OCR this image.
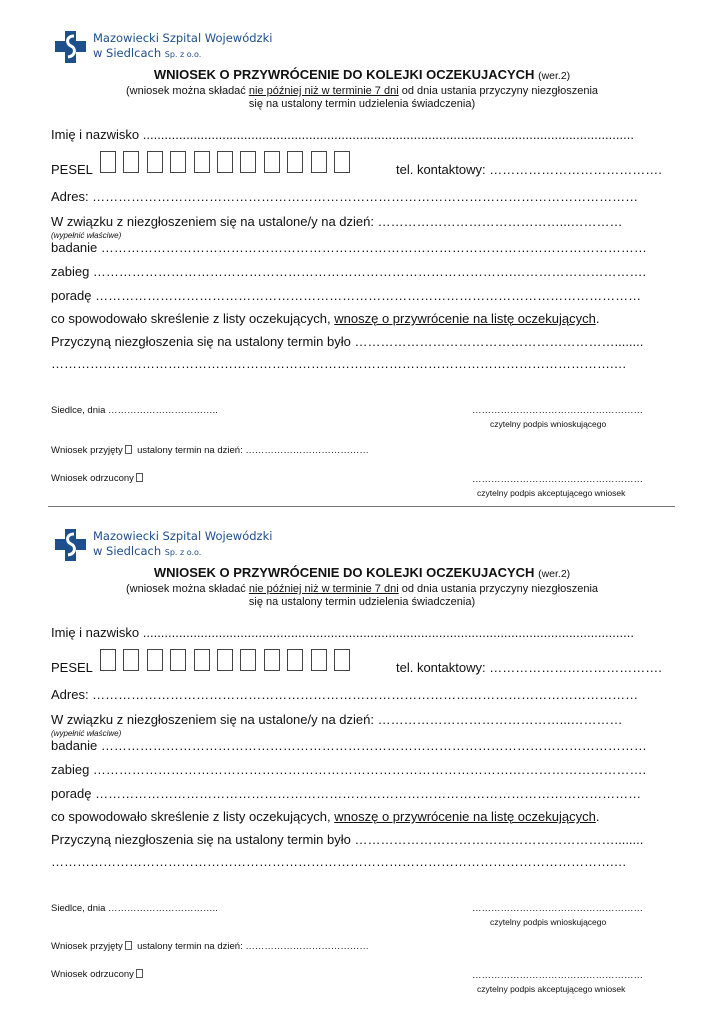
Mazowiecki Szpital Wojewódzki
w Siedlcach Sp. z o.o.
WNIOSEK O PRZYWRÓCENIE DO KOLEJKI OCZEKUJACYCH (wer.2)
(wniosek można składać nie później niż w terminie 7 dni od dnia ustania przyczyny niezgłoszenia
się na ustalony termin udzielenia świadczenia)
Imię i nazwisko ........................................................................................................................................
PESEL	tel. kontaktowy: ………………………………….
Adres: ………………………………………………………………………………………………………………
W związku z niezgłoszeniem się na ustalone/y na dzień: ……………………………………...…………
(wypełnić właściwe)
badanie ………………………………………………………………………………………………………………
zabieg …………………………………………………………………………………….………………………….
poradę ………………………………………………………………………………………………………………
co spowodowało skreślenie z listy oczekujących, wnoszę o przywrócenie na listę oczekujących.
Przyczyną niezgłoszenia się na ustalony termin było ……………………………………………………........
………………………………………………………………………………………………………………….…
Siedlce, dnia ……………………………..	………………………………………………
czytelny podpis wnioskującego
Wniosek przyjęty ustalony termin na dzień: …………………………………
Wniosek odrzucony	………………………………………………
czytelny podpis akceptującego wniosek
Mazowiecki Szpital Wojewódzki
w Siedlcach Sp. z o.o.
WNIOSEK O PRZYWRÓCENIE DO KOLEJKI OCZEKUJACYCH (wer.2)
(wniosek można składać nie później niż w terminie 7 dni od dnia ustania przyczyny niezgłoszenia
się na ustalony termin udzielenia świadczenia)
Imię i nazwisko ........................................................................................................................................
PESEL	tel. kontaktowy: ………………………………….
Adres: ………………………………………………………………………………………………………………
W związku z niezgłoszeniem się na ustalone/y na dzień: ……………………………………...…………
(wypełnić właściwe)
badanie ………………………………………………………………………………………………………………
zabieg …………………………………………………………………………………….………………………….
poradę ………………………………………………………………………………………………………………
co spowodowało skreślenie z listy oczekujących, wnoszę o przywrócenie na listę oczekujących.
Przyczyną niezgłoszenia się na ustalony termin było ……………………………………………………........
………………………………………………………………………………………………………………….…
Siedlce, dnia ……………………………..	………………………………………………
czytelny podpis wnioskującego
Wniosek przyjęty ustalony termin na dzień: …………………………………
Wniosek odrzucony	………………………………………………
czytelny podpis akceptującego wniosek
